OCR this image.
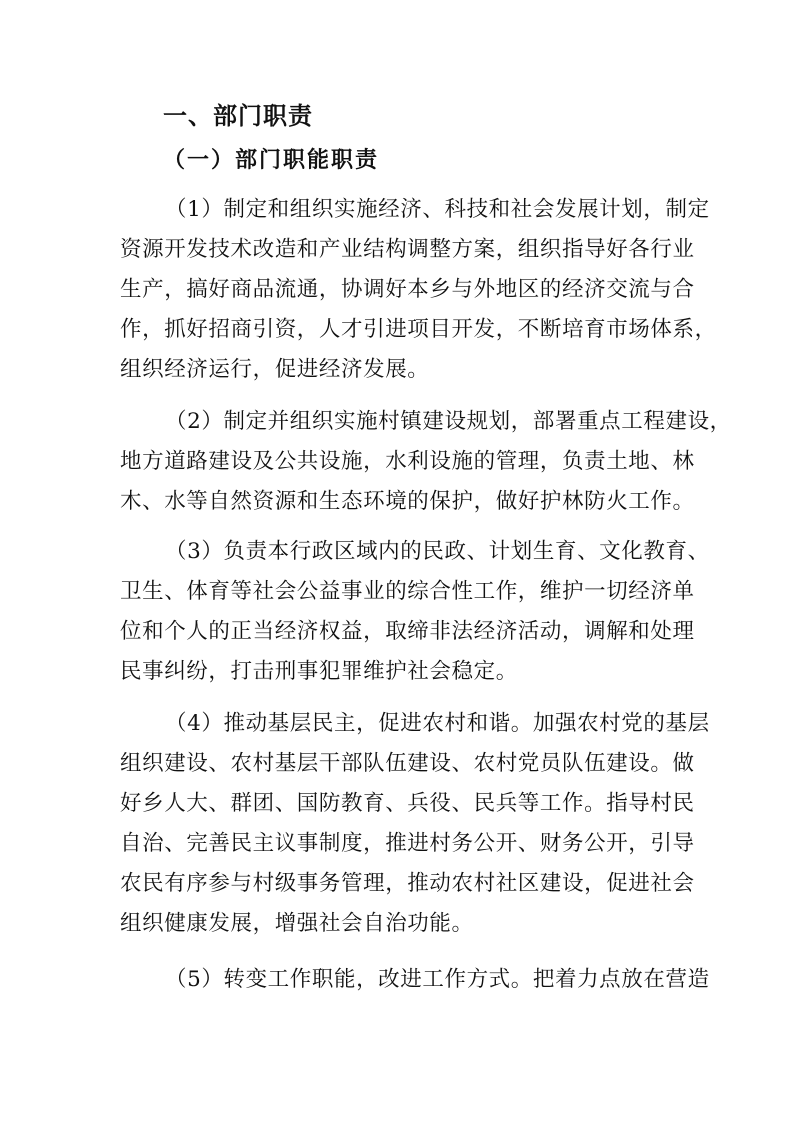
一、部门职责
（一）部门职能职责
（1）制定和组织实施经济、科技和社会发展计划，制定
资源开发技术改造和产业结构调整方案，组织指导好各行业
生产，搞好商品流通，协调好本乡与外地区的经济交流与合
作，抓好招商引资，人才引进项目开发，不断培育市场体系，
组织经济运行，促进经济发展。
（2）制定并组织实施村镇建设规划，部署重点工程建设，
地方道路建设及公共设施，水利设施的管理，负责土地、林
木、水等自然资源和生态环境的保护，做好护林防火工作。
（3）负责本行政区域内的民政、计划生育、文化教育、
卫生、体育等社会公益事业的综合性工作，维护一切经济单
位和个人的正当经济权益，取缔非法经济活动，调解和处理
民事纠纷，打击刑事犯罪维护社会稳定。
（4）推动基层民主，促进农村和谐。加强农村党的基层
组织建设、农村基层干部队伍建设、农村党员队伍建设。做
好乡人大、群团、国防教育、兵役、民兵等工作。指导村民
自治、完善民主议事制度，推进村务公开、财务公开，引导
农民有序参与村级事务管理，推动农村社区建设，促进社会
组织健康发展，增强社会自治功能。
（5）转变工作职能，改进工作方式。把着力点放在营造
